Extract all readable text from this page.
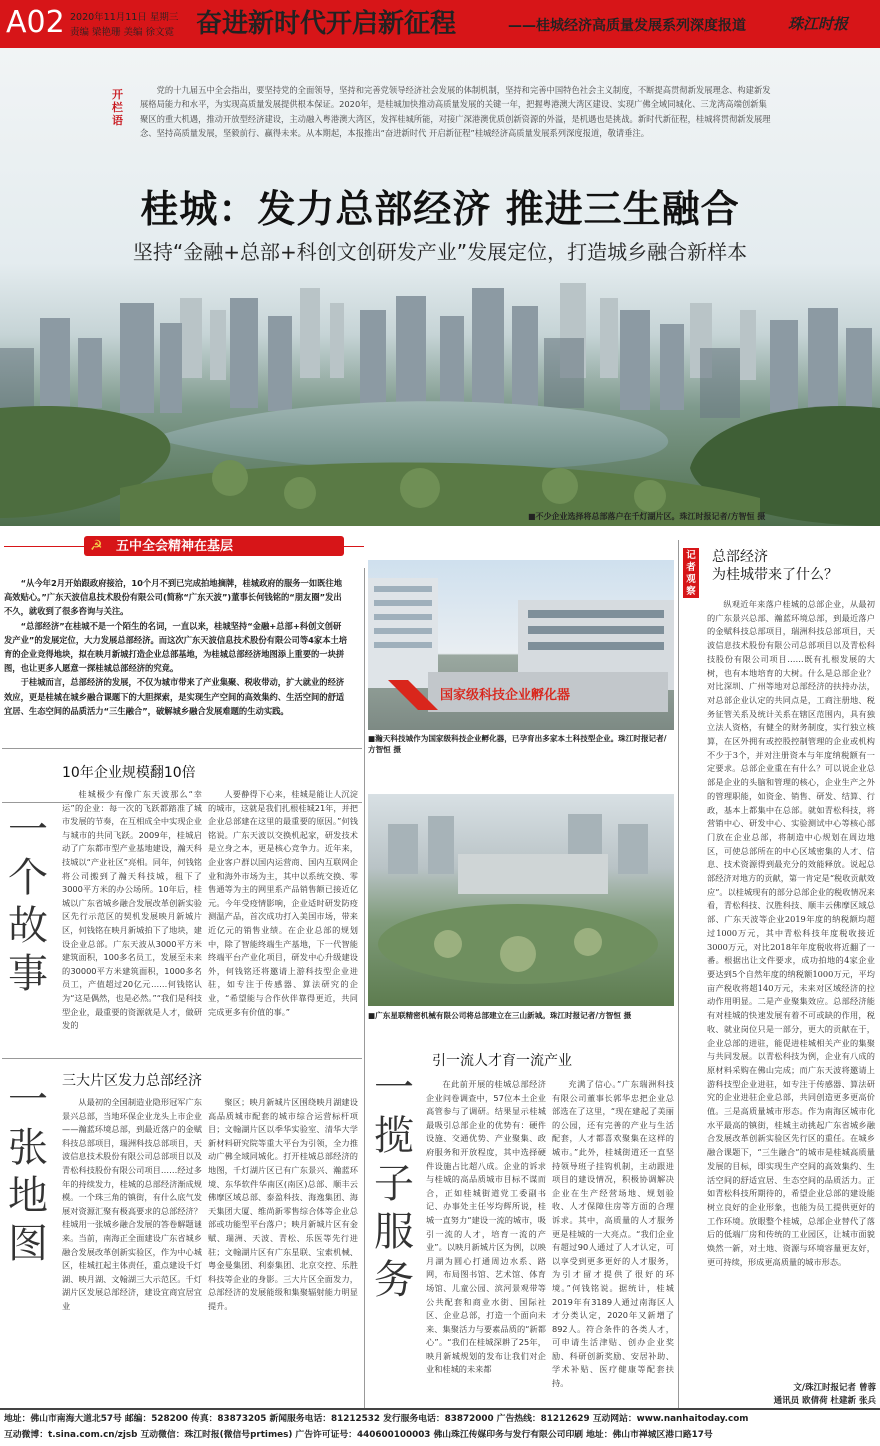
A02 2020年11月11日 星期三
责编 梁艳珊 美编 徐文霓 奋进新时代开启新征程	——桂城经济高质量发展系列深度报道	珠江时报
开栏语
党的十九届五中全会指出，要坚持党的全面领导，坚持和完善党领导经济社会发展的体制机制，坚持和完善中国特色社会主义制度，不断提高贯彻新发展理念、构建新发展格局能力和水平，为实现高质量发展提供根本保证。2020年，是桂城加快推动高质量发展的关键一年，把握粤港澳大湾区建设、实现广佛全域同城化、三龙湾高端创新集聚区的重大机遇，推动开放型经济建设，主动融入粤港澳大湾区，发挥桂城所能，对接广深港澳优质创新资源的外溢，是机遇也是挑战。新时代新征程，桂城将贯彻新发展理念、坚持高质量发展，坚毅前行、赢得未来。从本期起，本报推出“奋进新时代 开启新征程”桂城经济高质量发展系列深度报道，敬请垂注。
桂城：发力总部经济 推进三生融合
坚持“金融+总部+科创文创研发产业”发展定位，打造城乡融合新样本
■不少企业选择将总部落户在千灯湖片区。珠江时报记者/方智恒 摄
☭ 五中全会精神在基层

“从今年2月开始跟政府接洽，10个月不到已完成拍地摘牌，桂城政府的服务一如既往地高效贴心。”广东天波信息技术股份有限公司(简称“广东天波”)董事长何钱铭的“朋友圈”发出不久，就收到了很多咨询与关注。

“总部经济”在桂城不是一个陌生的名词，一直以来，桂城坚持“金融+总部+科创文创研发产业”的发展定位，大力发展总部经济。而这次广东天波信息技术股份有限公司等4家本土培育的企业竞得地块，拟在映月新城打造企业总部基地，为桂城总部经济地图添上重要的一块拼图，也让更多人愿意一探桂城总部经济的究竟。

于桂城而言，总部经济的发展，不仅为城市带来了产业集聚、税收带动，扩大就业的经济效应，更是桂城在城乡融合课题下的大胆探索，是实现生产空间的高效集约、生活空间的舒适宜居、生态空间的品质活力“三生融合”，破解城乡融合发展难题的生动实践。

一个故事
10年企业规模翻10倍
桂城极少有像广东天波那么“幸运”的企业：每一次的飞跃都踏准了城市发展的节奏，在互相成全中实现企业与城市的共同飞跃。2009年，桂城启动了广东都市型产业基地建设，瀚天科技城以“产业社区”亮相。同年，何钱铭将公司搬到了瀚天科技城，租下了3000平方米的办公场所。10年后，桂城以广东省城乡融合发展改革创新实验区先行示范区的契机发展映月新城片区，何钱铭在映月新城拍下了地块，建设企业总部。广东天波从3000平方米建筑面积，100多名员工，发展至未来的30000平方米建筑面积，1000多名员工，产值超过20亿元……何钱铭认为“这是偶然，也是必然。”“我们是科技型企业，最重要的资源就是人才，做研发的
人要静得下心来，桂城是能让人沉淀的城市，这就是我们扎根桂城21年，并把企业总部建在这里的最重要的原因。”何钱铭说。广东天波以交换机起家，研发技术是立身之本，更是核心竞争力。近年来，企业客户群以国内运营商、国内互联网企业和海外市场为主，其中以系统交换、零售通等为主的网里系产品销售额已接近亿元。今年受疫情影响，企业适时研发防疫测温产品，首次成功打入美国市场，带来近亿元的销售业绩。在企业总部的规划中，除了智能终端生产基地，下一代智能终端平台产业化项目，研发中心升级建设外，何钱铭还将邀请上游科技型企业进驻，如专注于传感器、算法研究的企业，“希望能与合作伙伴靠得更近，共同完成更多有价值的事。”
一张地图
三大片区发力总部经济
从最初的全国制造业隐形冠军广东景兴总部，当地环保企业龙头上市企业——瀚蓝环境总部，到最近落户的金赋科技总部项目，瑞洲科技总部项目，天波信息技术股份有限公司总部项目以及青松科技股份有限公司项目……经过多年的持续发力，桂城的总部经济渐成规模。一个珠三角的镇街，有什么底气发展对资源汇聚有极高要求的总部经济？桂城用一张城乡融合发展的答卷解题谜来。当前，南海正全面建设广东省城乡融合发展改革创新实验区，作为中心城区，桂城扛起主体责任，重点建设千灯湖、映月湖、文翰湖三大示范区。千灯湖片区发展总部经济，建设宜商宜居宜业
聚区；映月新城片区围绕映月湖建设高品质城市配套的城市综合运营标杆项目；文翰湖片区以季华实验室、清华大学新材料研究院等重大平台为引领，全力推动广佛全域同城化。打开桂城总部经济的地图，千灯湖片区已有广东景兴、瀚蓝环境、东华软件华南区(南区)总部、顺丰云佛摩区域总部、泰盈科技、海逸集团、海天集团大厦、维尚新零售综合体等企业总部或功能型平台落户；映月新城片区有金赋、瑞洲、天波、青松、乐医等先行进驻；文翰湖片区有广东星联、宝索机械、粤金曼集团、利泰集团、北京交控、乐胜科技等企业的身影。三大片区全面发力，总部经济的发展能级和集聚辐射能力明显提升。
国家级科技企业孵化器
■瀚天科技城作为国家级科技企业孵化器，已孕育出多家本土科技型企业。珠江时报记者/方智恒 摄
■广东星联精密机械有限公司将总部建立在三山新城。珠江时报记者/方智恒 摄
一揽子服务
引一流人才育一流产业
在此前开展的桂城总部经济企业问卷调查中，57位本土企业高管参与了调研。结果显示桂城最吸引总部企业的优势有：硬件设施、交通优势、产业聚集、政府服务和开放程度，其中选择硬件设施占比超八成。企业的诉求与桂城的高品质城市目标不谋而合，正如桂城街道党工委副书记、办事处主任岑均辉所说，桂城一直努力“建设一流的城市，吸引一流的人才，培育一流的产业”。以映月新城片区为例，以映月湖为圆心打通周边水系、路网，布局图书馆、艺术馆、体育场馆、儿童公园、滨河景观带等公共配套和商业水街、国际社区、企业总部，打造一个面向未来、集聚活力与要素品质的“新都心”。“我们在桂城深耕了25年，映月新城规划的发布让我们对企业和桂城的未来都
充满了信心。”广东瑞洲科技有限公司董事长郭华忠把企业总部选在了这里，“现在建起了美丽的公园，还有完善的产业与生活配套，人才都喜欢聚集在这样的城市。”此外，桂城街道还一直坚持领导班子挂钩机制，主动跟进项目的建设情况，积极协调解决企业在生产经营场地、规划验收、人才保障住房等方面的合理诉求。其中，高质量的人才服务更是桂城的一大亮点。“我们企业有超过90人通过了人才认定，可以享受到更多更好的人才服务，为引才留才提供了很好的环境。”何钱铭说。据统计，桂城2019年有3189人通过南海区人才分类认定，2020年又新增了892人。符合条件的各类人才，可申请生活津贴、创办企业奖励、科研创新奖励、安居补助、学术补贴、医疗健康等配套扶持。
记者观察
总部经济
为桂城带来了什么？
纵观近年来落户桂城的总部企业，从最初的广东景兴总部、瀚蓝环境总部，到最近落户的金赋科技总部项目，瑞洲科技总部项目，天波信息技术股份有限公司总部项目以及青松科技股份有限公司项目……既有扎根发展的大树，也有本地培育的大树。什么是总部企业？对比深圳、广州等地对总部经济的扶持办法，对总部企业认定的共同点是，工商注册地、税务征管关系及统计关系在辖区范围内，具有独立法人资格，有健全的财务制度，实行独立核算，在区外拥有或控股控制管理的企业或机构不少于3个，并对注册资本与年度纳税额有一定要求。总部企业重在有什么？可以说企业总部是企业的头脑和管理的核心，企业生产之外的管理职能，如资金、销售、研发、结算、行政，基本上都集中在总部。就如青松科技，将营销中心、研发中心、实验测试中心等核心部门放在企业总部，将制造中心规划在周边地区，可使总部所在的中心区域密集的人才、信息、技术资源得到最充分的效能释放。说起总部经济对地方的贡献，第一肯定是“税收贡献效应”。以桂城现有的部分总部企业的税收情况来看，青松科技、汉胜科技、顺丰云佛摩区域总部、广东天波等企业2019年度的纳税额均超过1000万元，其中青松科技年度税收接近3000万元，对比2018年年度税收将近翻了一番。根据出让文件要求，成功拍地的4家企业要达到5个自然年度的纳税额1000万元，平均亩产税收将超140万元，未来对区域经济的拉动作用明显。二是产业聚集效应。总部经济能有对桂城的快速发展有着不可或缺的作用，税收、就业岗位只是一部分，更大的贡献在于，企业总部的进驻，能促进桂城相关产业的集聚与共同发展。以青松科技为例，企业有八成的原材料采购在佛山完成；而广东天波将邀请上游科技型企业进驻，如专注于传感器、算法研究的企业进驻企业总部，共同创造更多更高价值。三是高质量城市形态。作为南海区城市化水平最高的镇街，桂城主动挑起广东省城乡融合发展改革创新实验区先行区的重任。在城乡融合课题下，“三生融合”的城市是桂城高质量发展的目标，即实现生产空间的高效集约、生活空间的舒适宜居、生态空间的品质活力。正如青松科技所期待的，希望企业总部的建设能树立良好的企业形象，也能为员工提供更好的工作环境。放眼整个桂城，总部企业替代了落后的低端厂房和传统的工业园区，让城市面貌焕然一新，对土地、资源与环境容量更友好，更可持续，形成更高质量的城市形态。
文/珠江时报记者 曾蓉
通讯员 欧倩荷 杜建新 张兵
地址：佛山市南海大道北57号 邮编：528200 传真：83873205 新闻服务电话：81212532 发行服务电话：83872000 广告热线：81212629 互动网站：www.nanhaitoday.com
互动微博：t.sina.com.cn/zjsb 互动微信：珠江时报(微信号prtimes) 广告许可证号：440600100003 佛山珠江传媒印务与发行有限公司印刷 地址：佛山市禅城区港口路17号
